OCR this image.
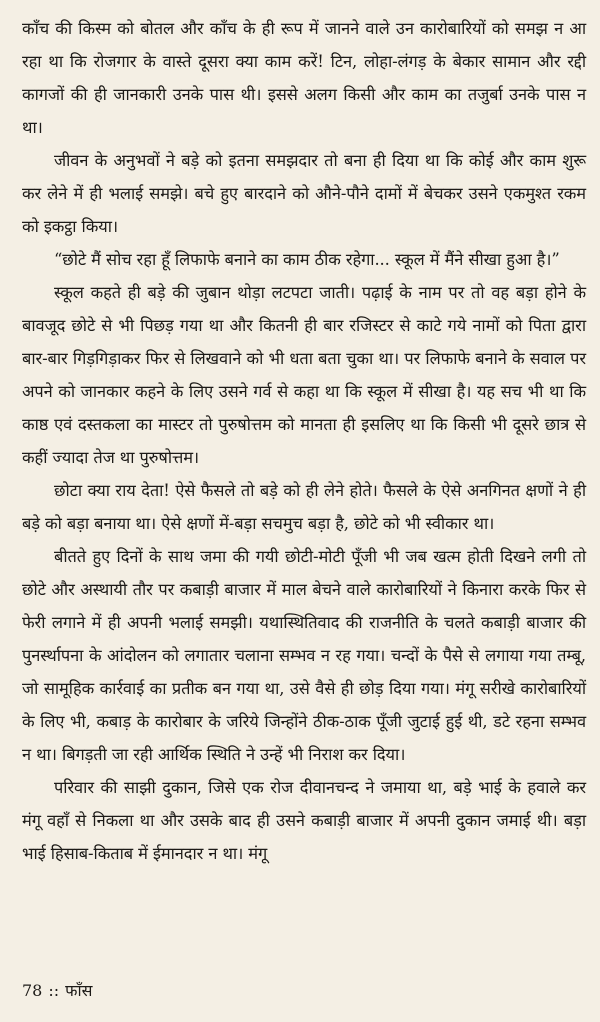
काँच की किस्म को बोतल और काँच के ही रूप में जानने वाले उन कारोबारियों को समझ न आ रहा था कि रोजगार के वास्ते दूसरा क्या काम करें! टिन, लोहा-लंगड़ के बेकार सामान और रद्दी कागजों की ही जानकारी उनके पास थी। इससे अलग किसी और काम का तजुर्बा उनके पास न था।

जीवन के अनुभवों ने बड़े को इतना समझदार तो बना ही दिया था कि कोई और काम शुरू कर लेने में ही भलाई समझे। बचे हुए बारदाने को औने-पौने दामों में बेचकर उसने एकमुश्त रकम को इकट्ठा किया।

“छोटे मैं सोच रहा हूँ लिफाफे बनाने का काम ठीक रहेगा... स्कूल में मैंने सीखा हुआ है।”

स्कूल कहते ही बड़े की जुबान थोड़ा लटपटा जाती। पढ़ाई के नाम पर तो वह बड़ा होने के बावजूद छोटे से भी पिछड़ गया था और कितनी ही बार रजिस्टर से काटे गये नामों को पिता द्वारा बार-बार गिड़गिड़ाकर फिर से लिखवाने को भी धता बता चुका था। पर लिफाफे बनाने के सवाल पर अपने को जानकार कहने के लिए उसने गर्व से कहा था कि स्कूल में सीखा है। यह सच भी था कि काष्ठ एवं दस्तकला का मास्टर तो पुरुषोत्तम को मानता ही इसलिए था कि किसी भी दूसरे छात्र से कहीं ज्यादा तेज था पुरुषोत्तम।

छोटा क्या राय देता! ऐसे फैसले तो बड़े को ही लेने होते। फैसले के ऐसे अनगिनत क्षणों ने ही बड़े को बड़ा बनाया था। ऐसे क्षणों में-बड़ा सचमुच बड़ा है, छोटे को भी स्वीकार था।

बीतते हुए दिनों के साथ जमा की गयी छोटी-मोटी पूँजी भी जब खत्म होती दिखने लगी तो छोटे और अस्थायी तौर पर कबाड़ी बाजार में माल बेचने वाले कारोबारियों ने किनारा करके फिर से फेरी लगाने में ही अपनी भलाई समझी। यथास्थितिवाद की राजनीति के चलते कबाड़ी बाजार की पुनर्स्थापना के आंदोलन को लगातार चलाना सम्भव न रह गया। चन्दों के पैसे से लगाया गया तम्बू, जो सामूहिक कार्रवाई का प्रतीक बन गया था, उसे वैसे ही छोड़ दिया गया। मंगू सरीखे कारोबारियों के लिए भी, कबाड़ के कारोबार के जरिये जिन्होंने ठीक-ठाक पूँजी जुटाई हुई थी, डटे रहना सम्भव न था। बिगड़ती जा रही आर्थिक स्थिति ने उन्हें भी निराश कर दिया।

परिवार की साझी दुकान, जिसे एक रोज दीवानचन्द ने जमाया था, बड़े भाई के हवाले कर मंगू वहाँ से निकला था और उसके बाद ही उसने कबाड़ी बाजार में अपनी दुकान जमाई थी। बड़ा भाई हिसाब-किताब में ईमानदार न था। मंगू

78 :: फाँस
